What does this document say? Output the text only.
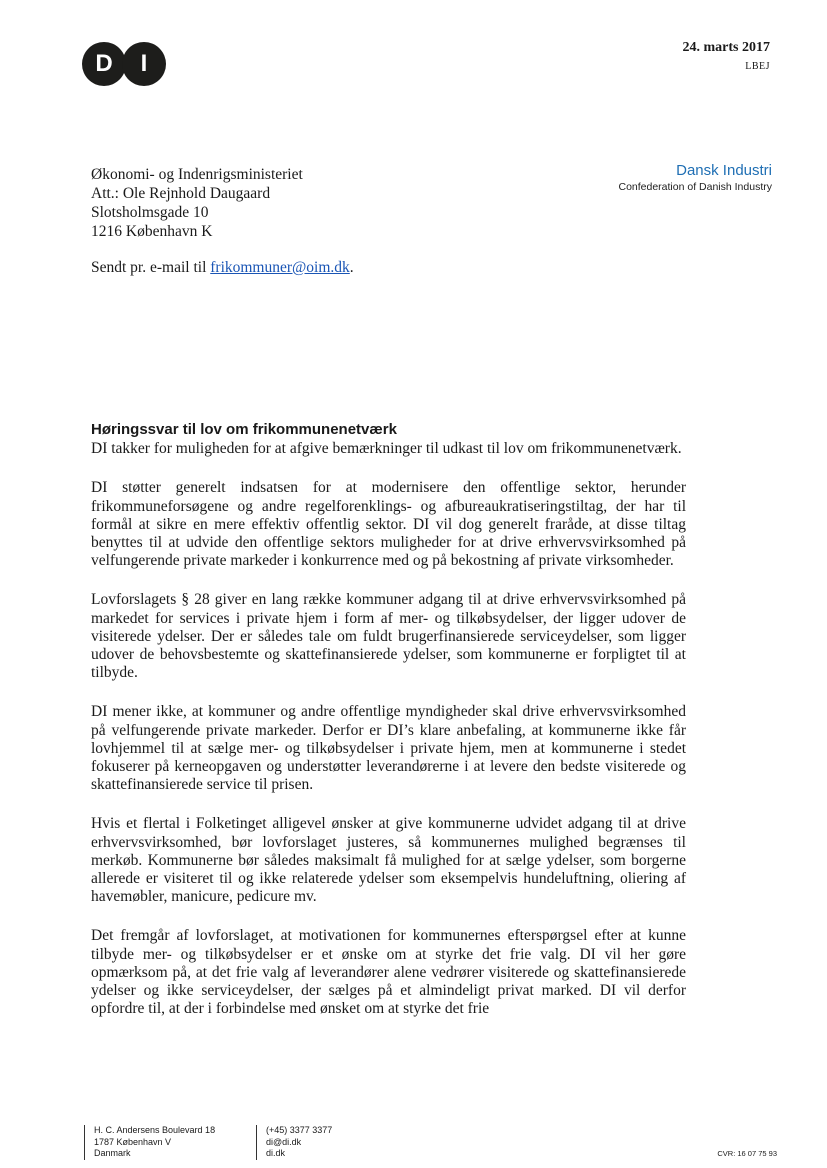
D	I
24. marts 2017
LBEJ
Økonomi- og Indenrigsministeriet
Att.: Ole Rejnhold Daugaard
Slotsholmsgade 10
1216 København K
Dansk Industri
Confederation of Danish Industry
Sendt pr. e-mail til frikommuner@oim.dk.
Høringssvar til lov om frikommunenetværk

DI takker for muligheden for at afgive bemærkninger til udkast til lov om frikommunenetværk.

DI støtter generelt indsatsen for at modernisere den offentlige sektor, herunder frikommuneforsøgene og andre regelforenklings- og afbureaukratiseringstiltag, der har til formål at sikre en mere effektiv offentlig sektor. DI vil dog generelt fraråde, at disse tiltag benyttes til at udvide den offentlige sektors muligheder for at drive erhvervsvirksomhed på velfungerende private markeder i konkurrence med og på bekostning af private virksomheder.

Lovforslagets § 28 giver en lang række kommuner adgang til at drive erhvervsvirksomhed på markedet for services i private hjem i form af mer- og tilkøbsydelser, der ligger udover de visiterede ydelser. Der er således tale om fuldt brugerfinansierede serviceydelser, som ligger udover de behovsbestemte og skattefinansierede ydelser, som kommunerne er forpligtet til at tilbyde.

DI mener ikke, at kommuner og andre offentlige myndigheder skal drive erhvervsvirksomhed på velfungerende private markeder. Derfor er DI’s klare anbefaling, at kommunerne ikke får lovhjemmel til at sælge mer- og tilkøbsydelser i private hjem, men at kommunerne i stedet fokuserer på kerneopgaven og understøtter leverandørerne i at levere den bedste visiterede og skattefinansierede service til prisen.

Hvis et flertal i Folketinget alligevel ønsker at give kommunerne udvidet adgang til at drive erhvervsvirksomhed, bør lovforslaget justeres, så kommunernes mulighed begrænses til merkøb. Kommunerne bør således maksimalt få mulighed for at sælge ydelser, som borgerne allerede er visiteret til og ikke relaterede ydelser som eksempelvis hundeluftning, oliering af havemøbler, manicure, pedicure mv.

Det fremgår af lovforslaget, at motivationen for kommunernes efterspørgsel efter at kunne tilbyde mer- og tilkøbsydelser er et ønske om at styrke det frie valg. DI vil her gøre opmærksom på, at det frie valg af leverandører alene vedrører visiterede og skattefinansierede ydelser og ikke serviceydelser, der sælges på et almindeligt privat marked. DI vil derfor opfordre til, at der i forbindelse med ønsket om at styrke det frie

H. C. Andersens Boulevard 18
1787 København V
Danmark
(+45) 3377 3377
di@di.dk
di.dk	CVR: 16 07 75 93
